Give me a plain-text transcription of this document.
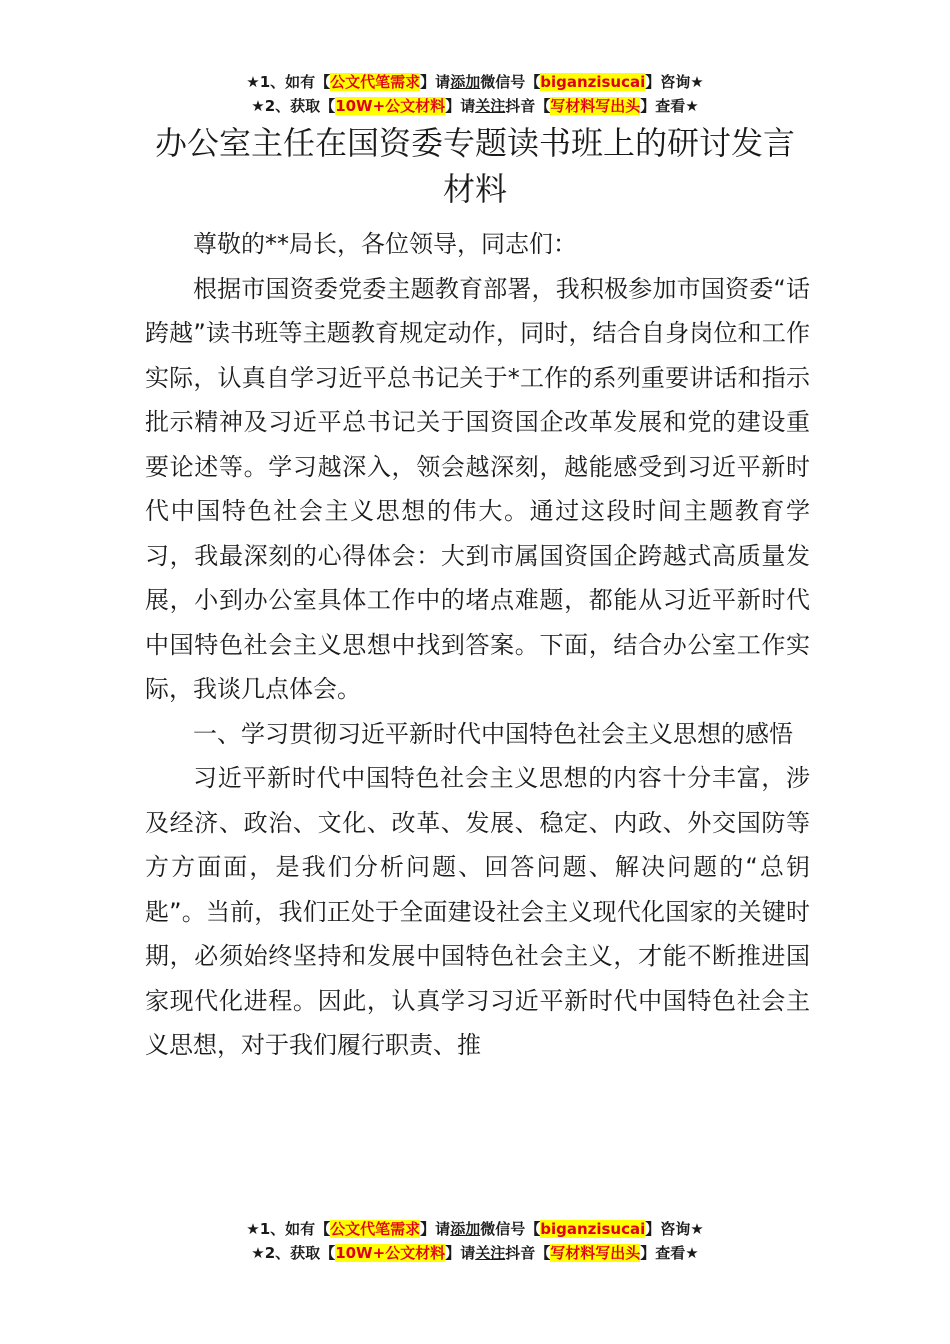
★1、如有【公文代笔需求】请添加微信号【biganzisucai】咨询★
★2、获取【10W+公文材料】请关注抖音【写材料写出头】查看★
办公室主任在国资委专题读书班上的研讨发言材料

尊敬的**局长，各位领导，同志们：

根据市国资委党委主题教育部署，我积极参加市国资委“话跨越”读书班等主题教育规定动作，同时，结合自身岗位和工作实际，认真自学习近平总书记关于*工作的系列重要讲话和指示批示精神及习近平总书记关于国资国企改革发展和党的建设重要论述等。学习越深入，领会越深刻，越能感受到习近平新时代中国特色社会主义思想的伟大。通过这段时间主题教育学习，我最深刻的心得体会：大到市属国资国企跨越式高质量发展，小到办公室具体工作中的堵点难题，都能从习近平新时代中国特色社会主义思想中找到答案。下面，结合办公室工作实际，我谈几点体会。

一、学习贯彻习近平新时代中国特色社会主义思想的感悟

习近平新时代中国特色社会主义思想的内容十分丰富，涉及经济、政治、文化、改革、发展、稳定、内政、外交国防等方方面面，是我们分析问题、回答问题、解决问题的“总钥匙”。当前，我们正处于全面建设社会主义现代化国家的关键时期，必须始终坚持和发展中国特色社会主义，才能不断推进国家现代化进程。因此，认真学习习近平新时代中国特色社会主义思想，对于我们履行职责、推

★1、如有【公文代笔需求】请添加微信号【biganzisucai】咨询★
★2、获取【10W+公文材料】请关注抖音【写材料写出头】查看★
